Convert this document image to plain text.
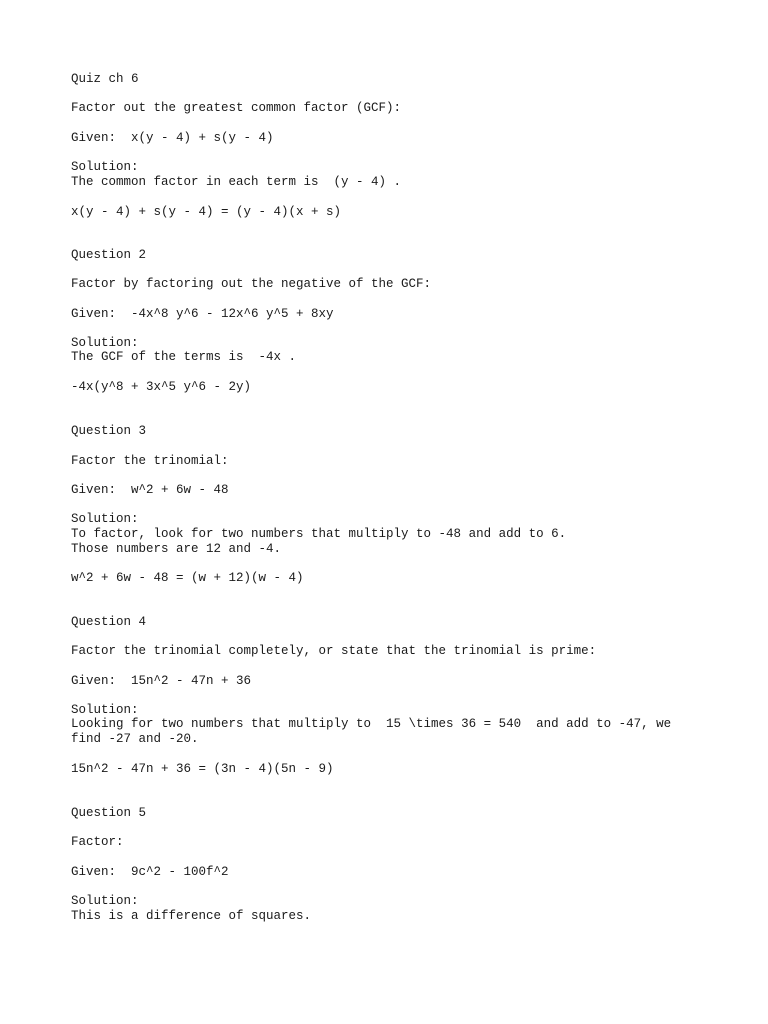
Quiz ch 6

Factor out the greatest common factor (GCF):

Given:  x(y - 4) + s(y - 4)

Solution:

The common factor in each term is  (y - 4) .

x(y - 4) + s(y - 4) = (y - 4)(x + s)

Question 2

Factor by factoring out the negative of the GCF:

Given:  -4x^8 y^6 - 12x^6 y^5 + 8xy

Solution:

The GCF of the terms is  -4x .

-4x(y^8 + 3x^5 y^6 - 2y)

Question 3

Factor the trinomial:

Given:  w^2 + 6w - 48

Solution:

To factor, look for two numbers that multiply to -48 and add to 6.

Those numbers are 12 and -4.

w^2 + 6w - 48 = (w + 12)(w - 4)

Question 4

Factor the trinomial completely, or state that the trinomial is prime:

Given:  15n^2 - 47n + 36

Solution:

Looking for two numbers that multiply to  15 \times 36 = 540  and add to -47, we

find -27 and -20.

15n^2 - 47n + 36 = (3n - 4)(5n - 9)

Question 5

Factor:

Given:  9c^2 - 100f^2

Solution:

This is a difference of squares.
